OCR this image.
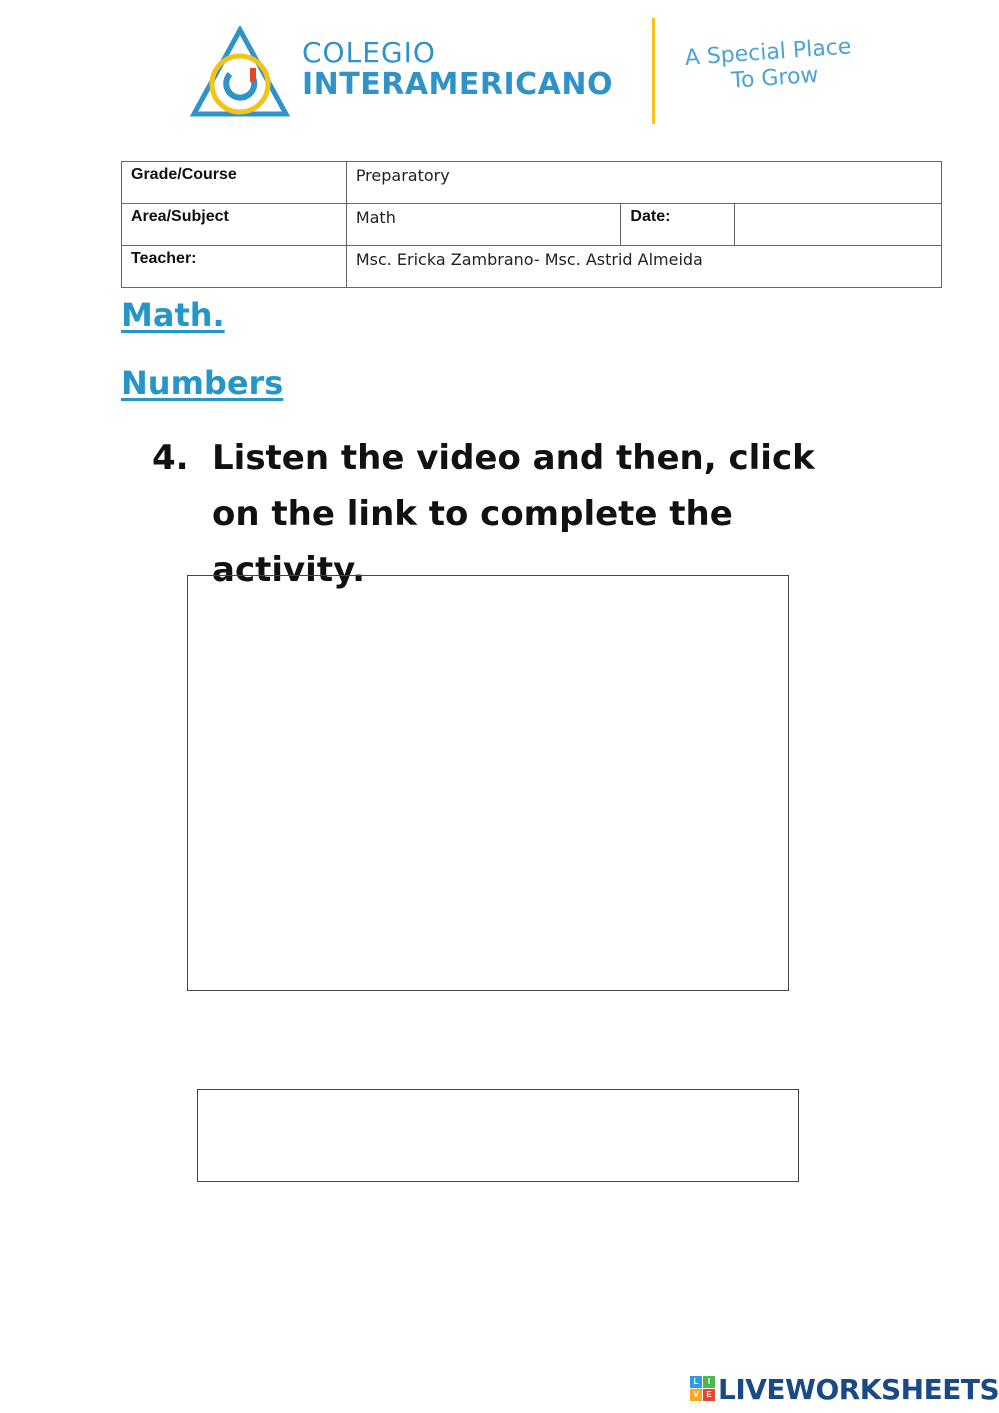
COLEGIO
INTERAMERICANO
A Special Place
To Grow
Grade/Course	Preparatory		
Area/Subject	Math	Date:	
Teacher:	Msc. Ericka Zambrano- Msc. Astrid Almeida		
Math.
Numbers
4. Listen the video and then, click on the link to complete the activity.
L	I
V E LIVEWORKSHEETS
